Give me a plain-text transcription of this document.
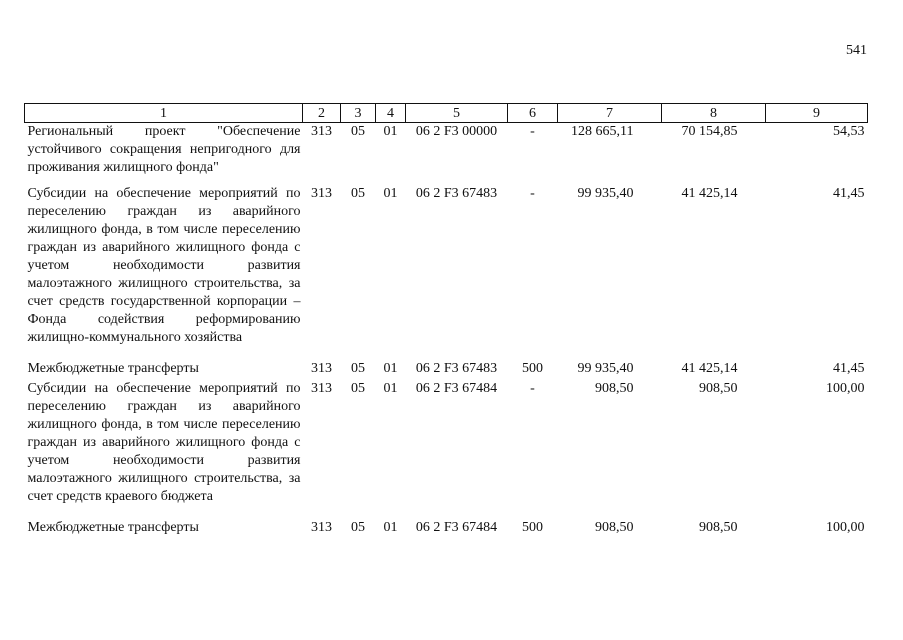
541
1	2	3	4	5	6	7	8	9
Региональный проект "Обеспечение устойчивого сокращения непригодного для проживания жилищного фонда"	313	05	01	06 2 F3 00000	-	128 665,11	70 154,85	54,53
Субсидии на обеспечение мероприятий по переселению граждан из аварийного жилищного фонда, в том числе переселению граждан из аварийного жилищного фонда с учетом необходимости развития малоэтажного жилищного строительства, за счет средств государственной корпорации – Фонда содействия реформированию жилищно-коммунального хозяйства	313	05	01	06 2 F3 67483	-	99 935,40	41 425,14	41,45
Межбюджетные трансферты	313	05	01	06 2 F3 67483	500	99 935,40	41 425,14	41,45
Субсидии на обеспечение мероприятий по переселению граждан из аварийного жилищного фонда, в том числе переселению граждан из аварийного жилищного фонда с учетом необходимости развития малоэтажного жилищного строительства, за счет средств краевого бюджета	313	05	01	06 2 F3 67484	-	908,50	908,50	100,00
Межбюджетные трансферты	313	05	01	06 2 F3 67484	500	908,50	908,50	100,00
